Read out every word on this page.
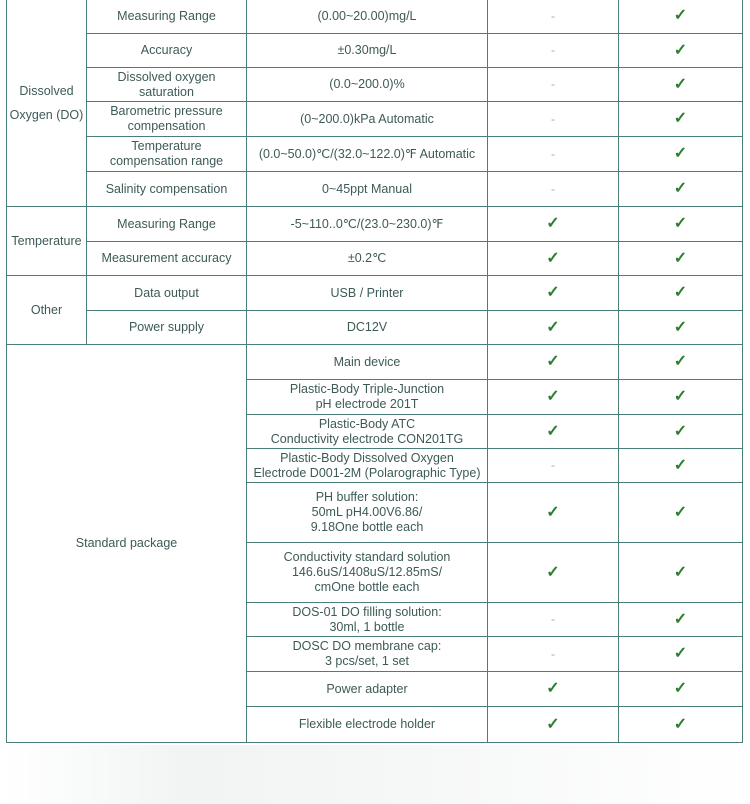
Dissolved
Oxygen (DO)	Measuring Range	(0.00~20.00)mg/L	-	✓

	Accuracy	±0.30mg/L	-	✓

	Dissolved oxygen
saturation	(0.0~200.0)%	-	✓

	Barometric pressure
compensation	(0~200.0)kPa Automatic	-	✓

	Temperature
compensation range	(0.0~50.0)℃/(32.0~122.0)℉ Automatic	-	✓

	Salinity compensation	0~45ppt Manual	-	✓

Temperature	Measuring Range	-5~110..0℃/(23.0~230.0)℉	✓	✓

	Measurement accuracy	±0.2℃	✓	✓

Other	Data output	USB / Printer	✓	✓

	Power supply	DC12V	✓	✓

Standard package		Main device	✓	✓

		Plastic-Body Triple-Junction
pH electrode 201T	✓	✓

		Plastic-Body ATC
Conductivity electrode CON201TG	✓	✓

		Plastic-Body Dissolved Oxygen
Electrode D001-2M (Polarographic Type)	-	✓

		PH buffer solution:
50mL pH4.00V6.86/
9.18One bottle each	✓	✓

		Conductivity standard solution
146.6uS/1408uS/12.85mS/
cmOne bottle each	✓	✓

		DOS-01 DO filling solution:
30ml, 1 bottle	-	✓

		DOSC DO membrane cap:
3 pcs/set, 1 set	-	✓

		Power adapter	✓	✓

		Flexible electrode holder	✓	✓
